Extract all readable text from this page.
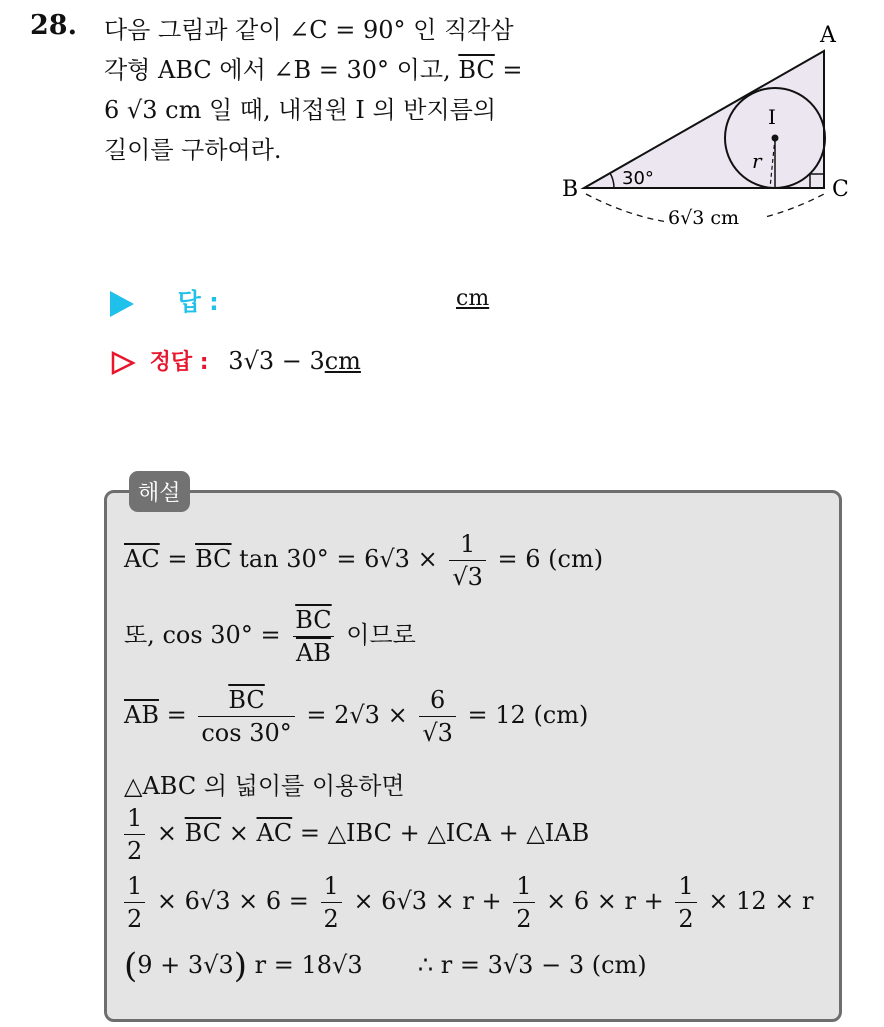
28. 다음 그림과 같이 ∠C = 90° 인 직각삼
각형 ABC 에서 ∠B = 30° 이고, $\overline{BC}$ =
6 √3 cm 일 때, 내접원 I 의 반지름의
길이를 구하여라.
A
B	C
I
r
30°
6√3 cm
답 :	cm
정답 : 3√3 − 3cm
해설
$\overline{AC} = \overline{BC}$ $\tan 30^\circ = 6√3 \times \frac{1}{√3} = 6$ (cm)
또, $\cos 30^\circ = \frac{\overline{BC}}{AB}$ 이므로
$\overline{AB} = \frac{\overline{BC}}{\cos 30^\circ} = 2√3 \times \frac{6}{√3} = 12$ (cm)
△ABC 의 넓이를 이용하면
$\frac{1}{2} \times \overline{BC} \times \overline{AC}$ = △IBC + △ICA + △IAB
$\frac{1}{2} \times 6√3 \times 6 = \frac{1}{2} \times 6√3 \times r + \frac{1}{2} \times 6 \times r + \frac{1}{2} \times 12 \times r$
(9 + 3√3) r = 18√3 ∴ r = 3√3 − 3 (cm)
